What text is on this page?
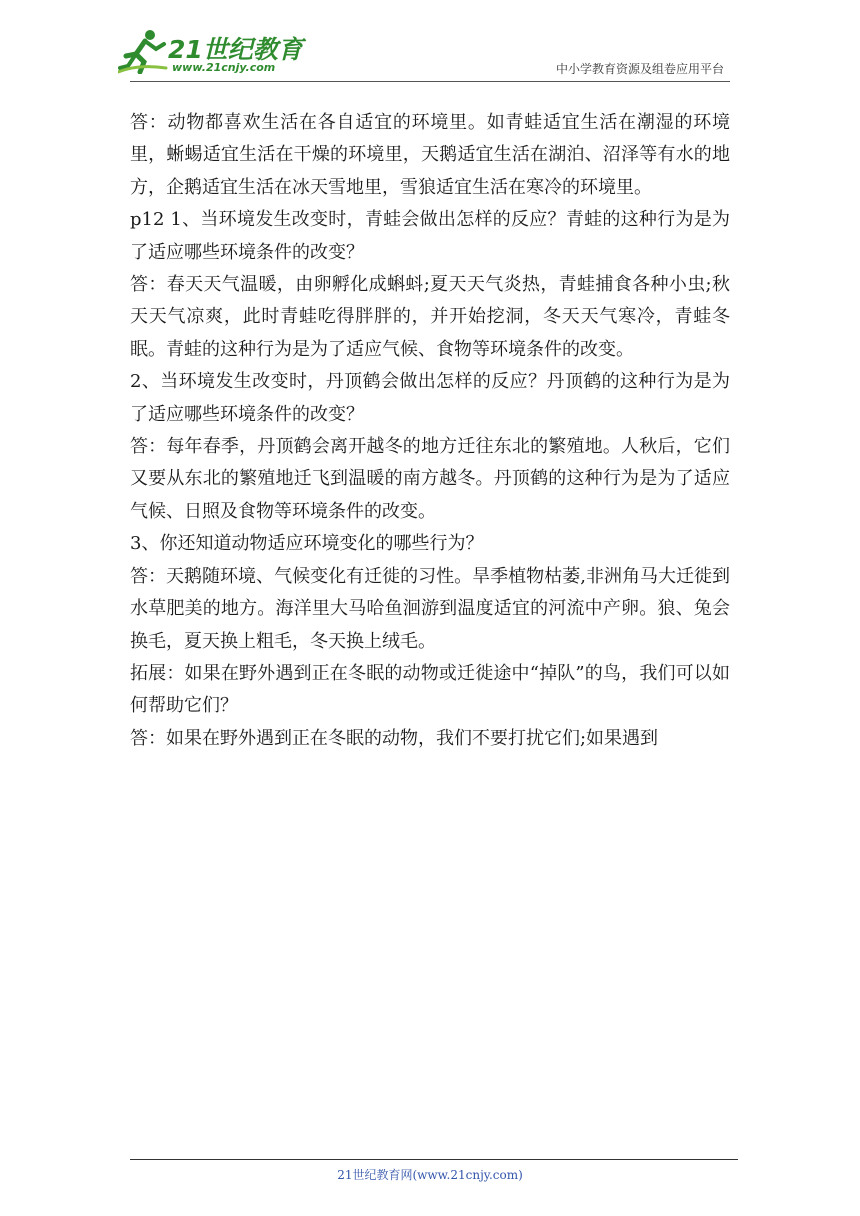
21世纪教育
www.21cnjy.com	中小学教育资源及组卷应用平台

答：动物都喜欢生活在各自适宜的环境里。如青蛙适宜生活在潮湿的环境里，蜥蜴适宜生活在干燥的环境里，天鹅适宜生活在湖泊、沼泽等有水的地方，企鹅适宜生活在冰天雪地里，雪狼适宜生活在寒冷的环境里。

p12 1、当环境发生改变时，青蛙会做出怎样的反应？青蛙的这种行为是为了适应哪些环境条件的改变？

答：春天天气温暖，由卵孵化成蝌蚪;夏天天气炎热，青蛙捕食各种小虫;秋天天气凉爽，此时青蛙吃得胖胖的，并开始挖洞，冬天天气寒冷，青蛙冬眠。青蛙的这种行为是为了适应气候、食物等环境条件的改变。

2、当环境发生改变时，丹顶鹤会做出怎样的反应？丹顶鹤的这种行为是为了适应哪些环境条件的改变？

答：每年春季，丹顶鹤会离开越冬的地方迁往东北的繁殖地。人秋后，它们又要从东北的繁殖地迁飞到温暖的南方越冬。丹顶鹤的这种行为是为了适应气候、日照及食物等环境条件的改变。

3、你还知道动物适应环境变化的哪些行为？

答：天鹅随环境、气候变化有迁徙的习性。旱季植物枯萎,非洲角马大迁徙到水草肥美的地方。海洋里大马哈鱼洄游到温度适宜的河流中产卵。狼、兔会换毛，夏天换上粗毛，冬天换上绒毛。

拓展：如果在野外遇到正在冬眠的动物或迁徙途中“掉队”的鸟，我们可以如何帮助它们？

答：如果在野外遇到正在冬眠的动物，我们不要打扰它们;如果遇到

21世纪教育网(www.21cnjy.com)
